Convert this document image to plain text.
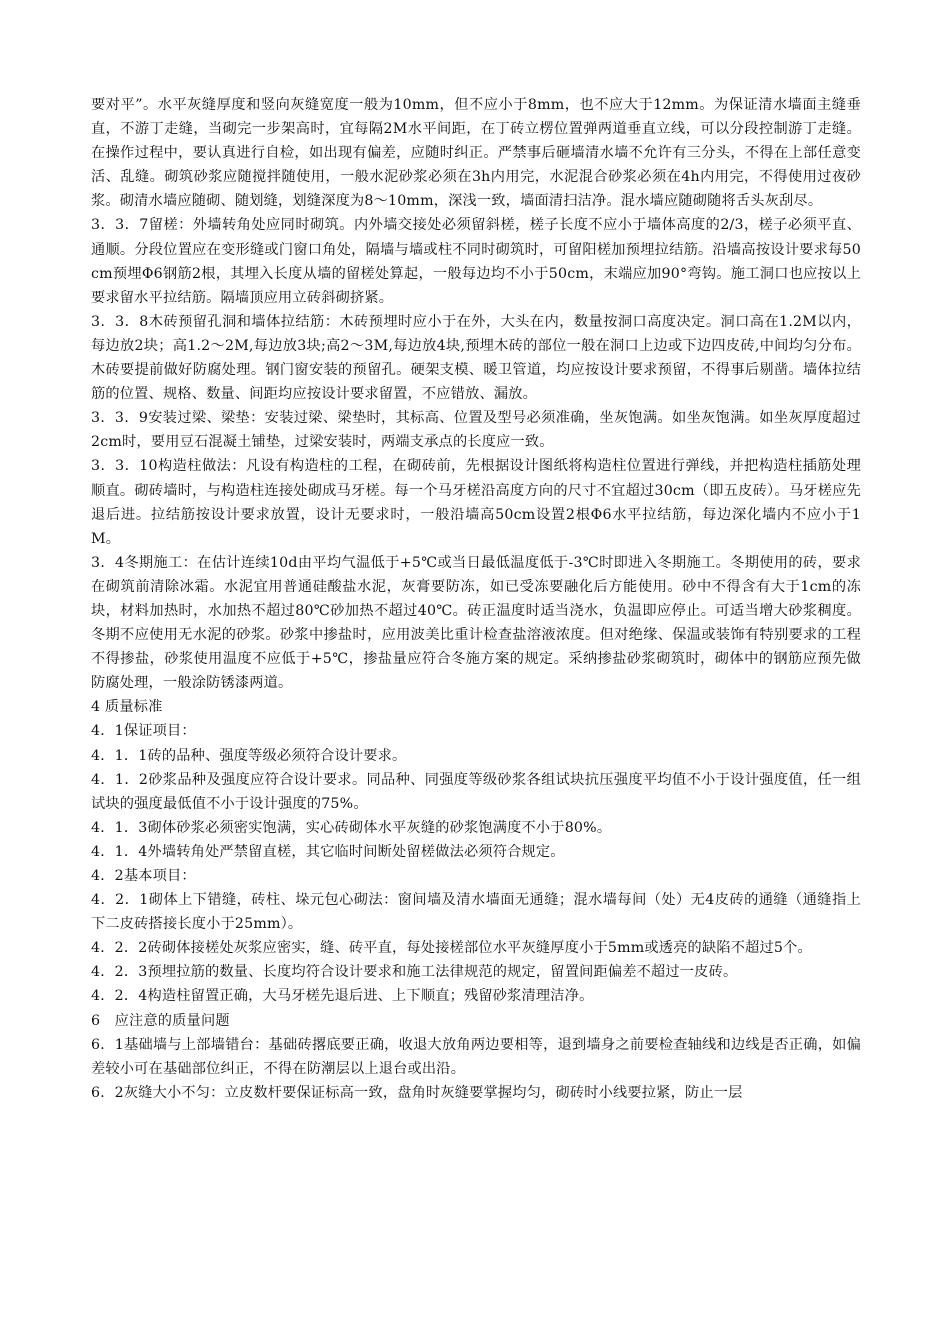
要对平”。水平灰缝厚度和竖向灰缝宽度一般为10mm，但不应小于8mm，也不应大于12mm。为保证清水墙面主缝垂直，不游丁走缝，当砌完一步架高时，宜每隔2M水平间距，在丁砖立楞位置弹两道垂直立线，可以分段控制游丁走缝。在操作过程中，要认真进行自检，如出现有偏差，应随时纠正。严禁事后砸墙清水墙不允许有三分头，不得在上部任意变活、乱缝。砌筑砂浆应随搅拌随使用，一般水泥砂浆必须在3h内用完，水泥混合砂浆必须在4h内用完，不得使用过夜砂浆。砌清水墙应随砌、随划缝，划缝深度为8～10mm，深浅一致，墙面清扫洁净。混水墙应随砌随将舌头灰刮尽。

3．3．7留槎：外墙转角处应同时砌筑。内外墙交接处必须留斜槎，槎子长度不应小于墙体高度的2/3，槎子必须平直、通顺。分段位置应在变形缝或门窗口角处，隔墙与墙或柱不同时砌筑时，可留阳槎加预埋拉结筋。沿墙高按设计要求每50cm预埋Φ6钢筋2根，其埋入长度从墙的留槎处算起，一般每边均不小于50cm，末端应加90°弯钩。施工洞口也应按以上要求留水平拉结筋。隔墙顶应用立砖斜砌挤紧。

3．3．8木砖预留孔洞和墙体拉结筋：木砖预埋时应小于在外，大头在内，数量按洞口高度决定。洞口高在1.2M以内，每边放2块；高1.2～2M,每边放3块;高2～3M,每边放4块,预埋木砖的部位一般在洞口上边或下边四皮砖,中间均匀分布。木砖要提前做好防腐处理。钢门窗安装的预留孔。硬架支模、暖卫管道，均应按设计要求预留，不得事后剔凿。墙体拉结筋的位置、规格、数量、间距均应按设计要求留置，不应错放、漏放。

3．3．9安装过梁、梁垫：安装过梁、梁垫时，其标高、位置及型号必须准确，坐灰饱满。如坐灰饱满。如坐灰厚度超过2cm时，要用豆石混凝土铺垫，过梁安装时，两端支承点的长度应一致。

3．3．10构造柱做法：凡设有构造柱的工程，在砌砖前，先根据设计图纸将构造柱位置进行弹线，并把构造柱插筋处理顺直。砌砖墙时，与构造柱连接处砌成马牙槎。每一个马牙槎沿高度方向的尺寸不宜超过30cm（即五皮砖）。马牙槎应先退后进。拉结筋按设计要求放置，设计无要求时，一般沿墙高50cm设置2根Φ6水平拉结筋，每边深化墙内不应小于1M。

3．4冬期施工：在估计连续10d由平均气温低于+5℃或当日最低温度低于-3℃时即进入冬期施工。冬期使用的砖，要求在砌筑前清除冰霜。水泥宜用普通硅酸盐水泥，灰膏要防冻，如已受冻要融化后方能使用。砂中不得含有大于1cm的冻块，材料加热时，水加热不超过80℃砂加热不超过40℃。砖正温度时适当浇水，负温即应停止。可适当增大砂浆稠度。冬期不应使用无水泥的砂浆。砂浆中掺盐时，应用波美比重计检查盐溶液浓度。但对绝缘、保温或装饰有特别要求的工程不得掺盐，砂浆使用温度不应低于+5℃，掺盐量应符合冬施方案的规定。采纳掺盐砂浆砌筑时，砌体中的钢筋应预先做防腐处理，一般涂防锈漆两道。

4 质量标准

4．1保证项目：

4．1．1砖的品种、强度等级必须符合设计要求。

4．1．2砂浆品种及强度应符合设计要求。同品种、同强度等级砂浆各组试块抗压强度平均值不小于设计强度值，任一组试块的强度最低值不小于设计强度的75%。

4．1．3砌体砂浆必须密实饱满，实心砖砌体水平灰缝的砂浆饱满度不小于80%。

4．1．4外墙转角处严禁留直槎，其它临时间断处留槎做法必须符合规定。

4．2基本项目：

4．2．1砌体上下错缝，砖柱、垛元包心砌法：窗间墙及清水墙面无通缝；混水墙每间（处）无4皮砖的通缝（通缝指上下二皮砖搭接长度小于25mm）。

4．2．2砖砌体接槎处灰浆应密实，缝、砖平直，每处接槎部位水平灰缝厚度小于5mm或透亮的缺陷不超过5个。

4．2．3预埋拉筋的数量、长度均符合设计要求和施工法律规范的规定，留置间距偏差不超过一皮砖。

4．2．4构造柱留置正确，大马牙槎先退后进、上下顺直；残留砂浆清理洁净。

6　应注意的质量问题

6．1基础墙与上部墙错台：基础砖撂底要正确，收退大放角两边要相等，退到墙身之前要检查轴线和边线是否正确，如偏差较小可在基础部位纠正，不得在防潮层以上退台或出沿。

6．2灰缝大小不匀：立皮数杆要保证标高一致，盘角时灰缝要掌握均匀，砌砖时小线要拉紧，防止一层
